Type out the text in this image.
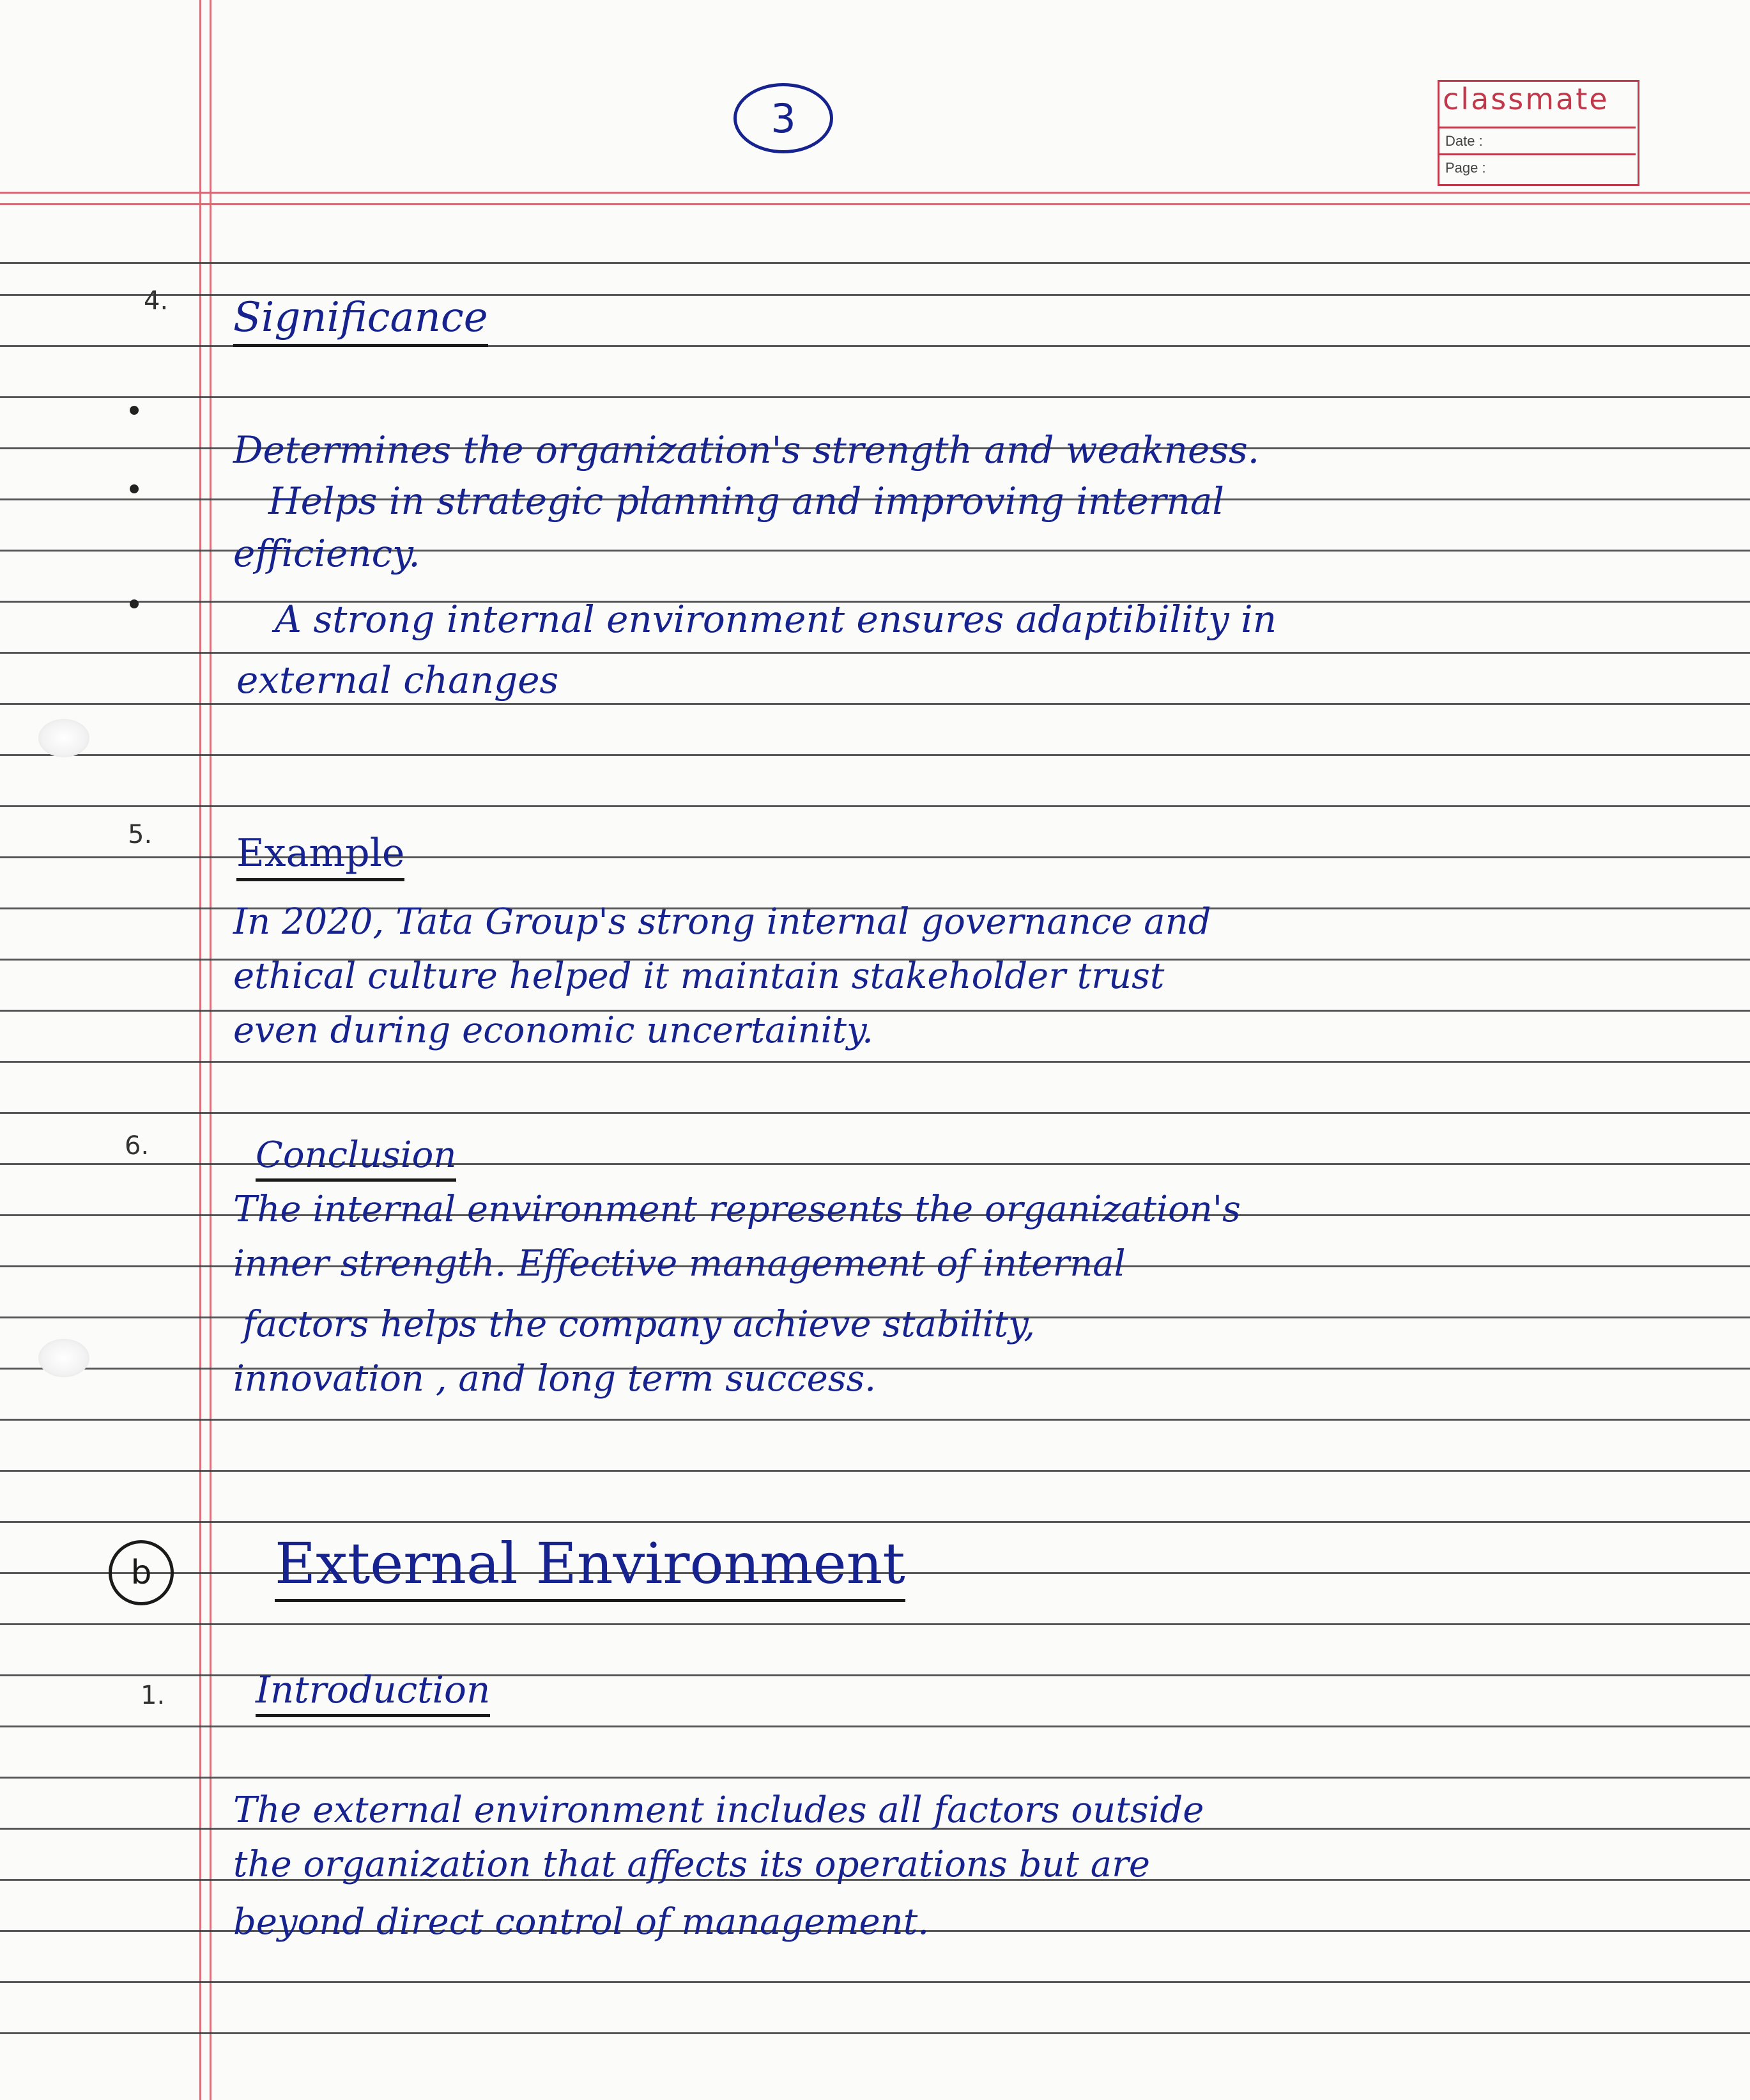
3	classmate
Date :
Page :
4. Significance
Determines the organization's strength and weakness.
Helps in strategic planning and improving internal
efficiency.
A strong internal environment ensures adaptibility in
external changes
5. Example
In 2020, Tata Group's strong internal governance and
ethical culture helped it maintain stakeholder trust
even during economic uncertainity.
6.	Conclusion
The internal environment represents the organization's
inner strength. Effective management of internal
factors helps the company achieve stability,
innovation , and long term success.
b External Environment
1. Introduction
The external environment includes all factors outside
the organization that affects its operations but are
beyond direct control of management.
